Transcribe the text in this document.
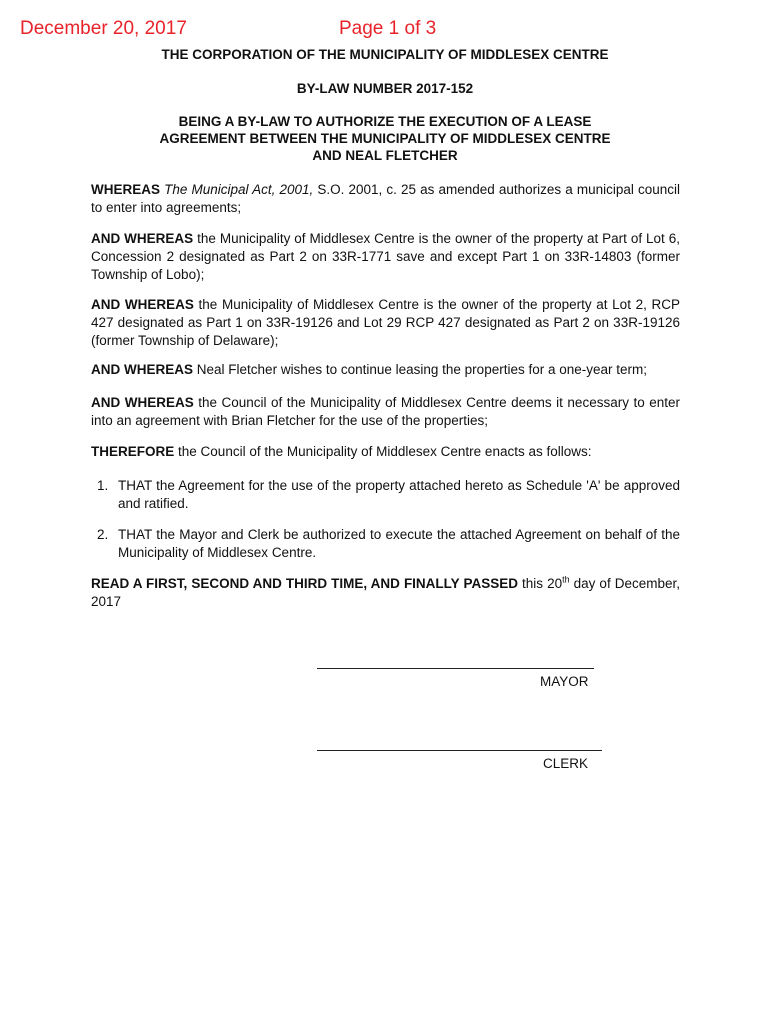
December 20, 2017	Page 1 of 3
THE CORPORATION OF THE MUNICIPALITY OF MIDDLESEX CENTRE
BY-LAW NUMBER 2017-152
BEING A BY-LAW TO AUTHORIZE THE EXECUTION OF A LEASE
AGREEMENT BETWEEN THE MUNICIPALITY OF MIDDLESEX CENTRE
AND NEAL FLETCHER
WHEREAS The Municipal Act, 2001, S.O. 2001, c. 25 as amended authorizes a municipal council to enter into agreements;
AND WHEREAS the Municipality of Middlesex Centre is the owner of the property at Part of Lot 6, Concession 2 designated as Part 2 on 33R-1771 save and except Part 1 on 33R-14803 (former Township of Lobo);
AND WHEREAS the Municipality of Middlesex Centre is the owner of the property at Lot 2, RCP 427 designated as Part 1 on 33R-19126 and Lot 29 RCP 427 designated as Part 2 on 33R-19126 (former Township of Delaware);
AND WHEREAS Neal Fletcher wishes to continue leasing the properties for a one-year term;
AND WHEREAS the Council of the Municipality of Middlesex Centre deems it necessary to enter into an agreement with Brian Fletcher for the use of the properties;
THEREFORE the Council of the Municipality of Middlesex Centre enacts as follows:
1. THAT the Agreement for the use of the property attached hereto as Schedule 'A' be approved and ratified.
2. THAT the Mayor and Clerk be authorized to execute the attached Agreement on behalf of the Municipality of Middlesex Centre.
READ A FIRST, SECOND AND THIRD TIME, AND FINALLY PASSED this 20th day of December, 2017
MAYOR
CLERK
